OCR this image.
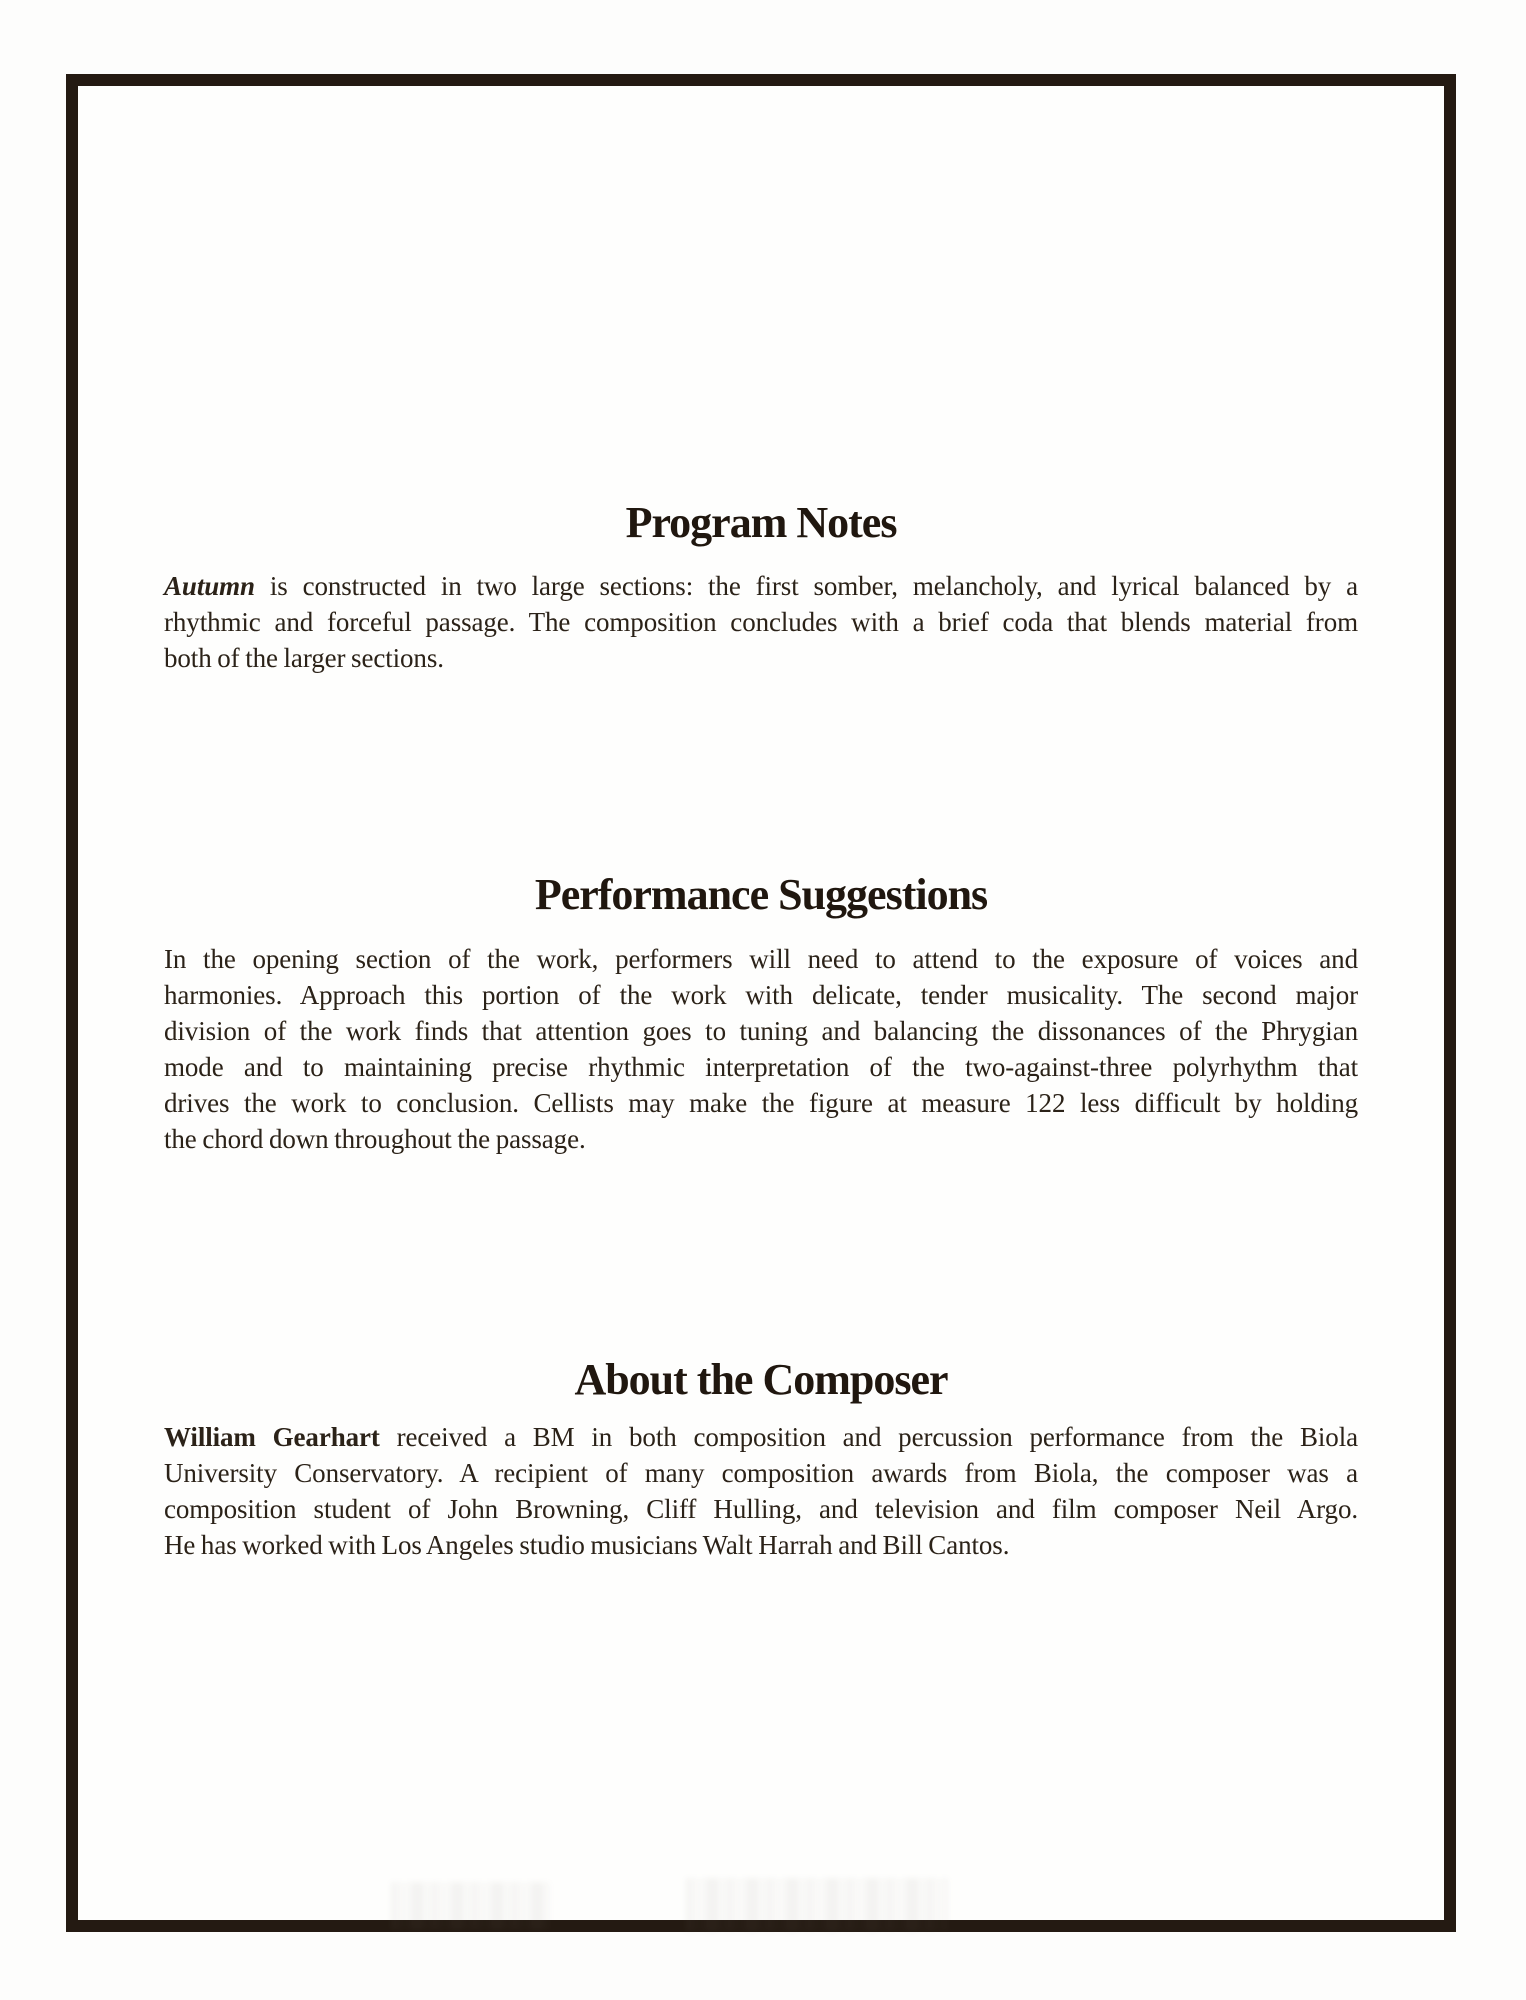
Program Notes
Autumn is constructed in two large sections: the first somber, melancholy, and lyrical balanced by a
rhythmic and forceful passage. The composition concludes with a brief coda that blends material from
both of the larger sections.
Performance Suggestions
In the opening section of the work, performers will need to attend to the exposure of voices and
harmonies. Approach this portion of the work with delicate, tender musicality. The second major
division of the work finds that attention goes to tuning and balancing the dissonances of the Phrygian
mode and to maintaining precise rhythmic interpretation of the two-against-three polyrhythm that
drives the work to conclusion. Cellists may make the figure at measure 122 less difficult by holding
the chord down throughout the passage.
About the Composer
William Gearhart received a BM in both composition and percussion performance from the Biola
University Conservatory. A recipient of many composition awards from Biola, the composer was a
composition student of John Browning, Cliff Hulling, and television and film composer Neil Argo.
He has worked with Los Angeles studio musicians Walt Harrah and Bill Cantos.
